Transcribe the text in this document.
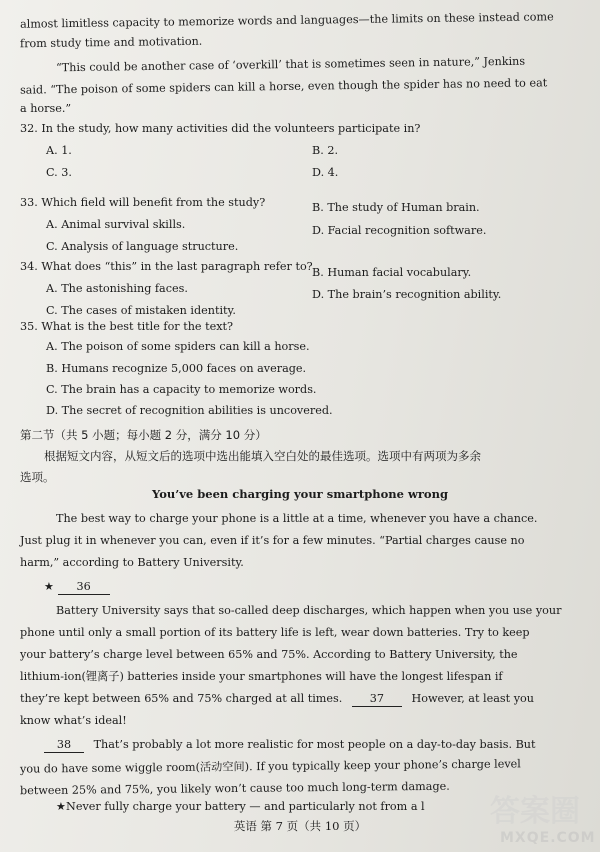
almost limitless capacity to memorize words and languages—the limits on these instead come
from study time and motivation.
“This could be another case of ‘overkill’ that is sometimes seen in nature,” Jenkins
said. “The poison of some spiders can kill a horse, even though the spider has no need to eat
a horse.”
32. In the study, how many activities did the volunteers participate in?
A. 1.	B. 2.
C. 3.	D. 4.
33. Which field will benefit from the study?	B. The study of Human brain.
A. Animal survival skills.	D. Facial recognition software.
C. Analysis of language structure.
34. What does “this” in the last paragraph refer to? B. Human facial vocabulary.
A. The astonishing faces.	D. The brain’s recognition ability.
C. The cases of mistaken identity.
35. What is the best title for the text?
A. The poison of some spiders can kill a horse.
B. Humans recognize 5,000 faces on average.
C. The brain has a capacity to memorize words.
D. The secret of recognition abilities is uncovered.
第二节（共 5 小题；每小题 2 分，满分 10 分）
根据短文内容，从短文后的选项中选出能填入空白处的最佳选项。选项中有两项为多余
选项。
You’ve been charging your smartphone wrong
The best way to charge your phone is a little at a time, whenever you have a chance.
Just plug it in whenever you can, even if it’s for a few minutes. “Partial charges cause no
harm,” according to Battery University.
★ 36
Battery University says that so-called deep discharges, which happen when you use your
phone until only a small portion of its battery life is left, wear down batteries. Try to keep
your battery’s charge level between 65% and 75%. According to Battery University, the
lithium-ion(锂离子) batteries inside your smartphones will have the longest lifespan if
they’re kept between 65% and 75% charged at all times. 37 However, at least you
know what’s ideal!
38 That’s probably a lot more realistic for most people on a day-to-day basis. But
you do have some wiggle room(活动空间). If you typically keep your phone’s charge level
between 25% and 75%, you likely won’t cause too much long-term damage.
★Never fully charge your battery — and particularly not from a l
英语 第 7 页（共 10 页）	答案圈
MXQE.COM
